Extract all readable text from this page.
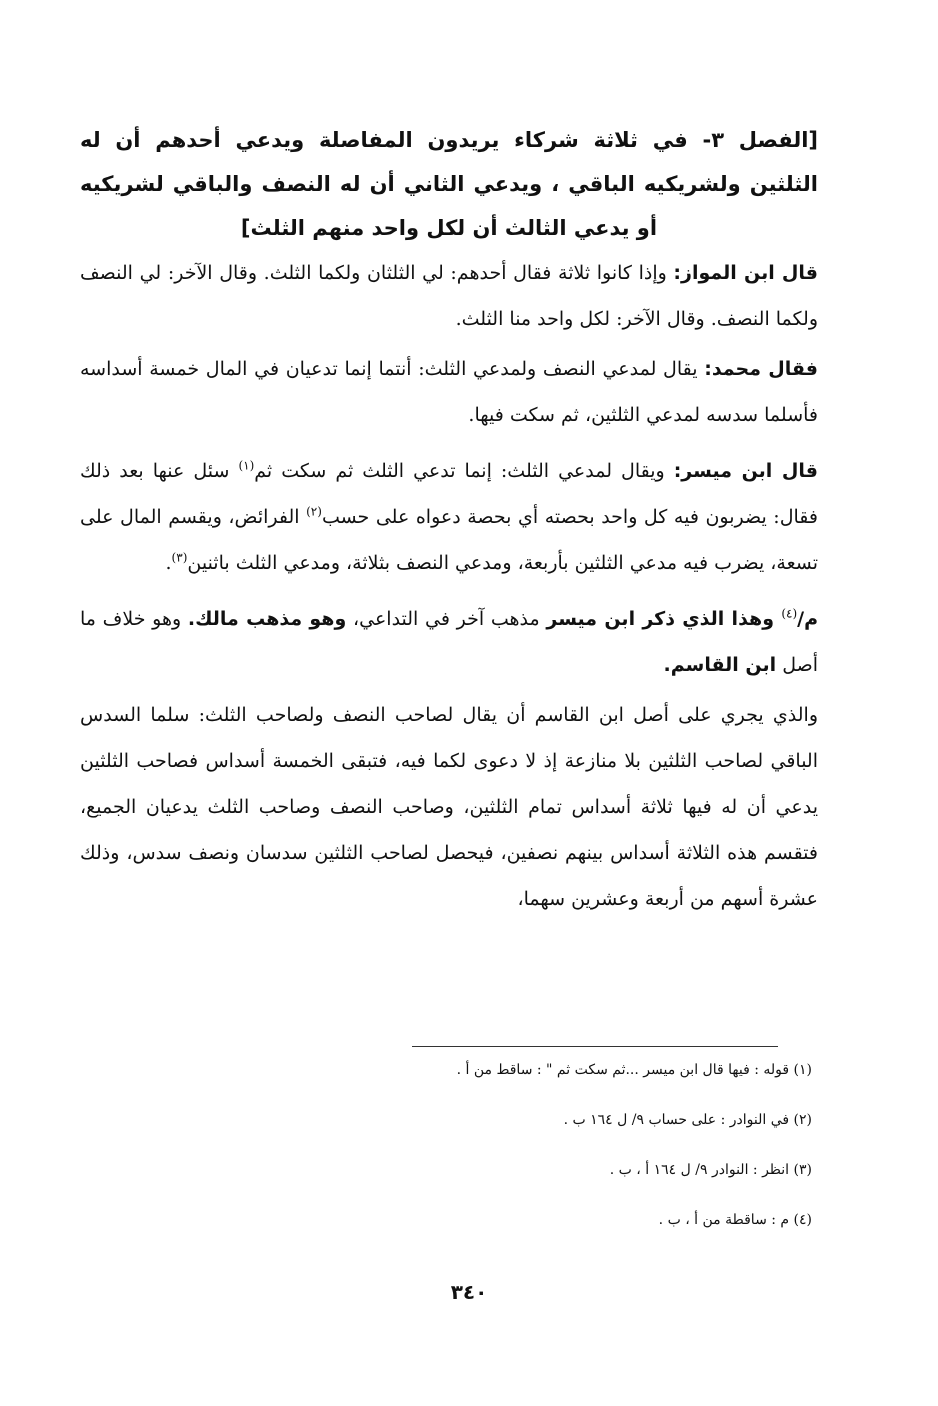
[الفصل ٣- في ثلاثة شركاء يريدون المفاصلة ويدعي أحدهم أن له الثلثين ولشريكيه الباقي ، ويدعي الثاني أن له النصف والباقي لشريكيه أو يدعي الثالث أن لكل واحد منهم الثلث]

قال ابن المواز: وإذا كانوا ثلاثة فقال أحدهم: لي الثلثان ولكما الثلث. وقال الآخر: لي النصف ولكما النصف. وقال الآخر: لكل واحد منا الثلث.

فقال محمد: يقال لمدعي النصف ولمدعي الثلث: أنتما إنما تدعيان في المال خمسة أسداسه فأسلما سدسه لمدعي الثلثين، ثم سكت فيها.

قال ابن ميسر: ويقال لمدعي الثلث: إنما تدعي الثلث ثم سكت ثم$^{(١)}$ سئل عنها بعد ذلك فقال: يضربون فيه كل واحد بحصته أي بحصة دعواه على حسب$^{(٢)}$ الفرائض، ويقسم المال على تسعة، يضرب فيه مدعي الثلثين بأربعة، ومدعي النصف بثلاثة، ومدعي الثلث باثنين$^{(٣)}$.

م/$^{(٤)}$ وهذا الذي ذكر ابن ميسر مذهب آخر في التداعي، وهو مذهب مالك. وهو خلاف ما أصل ابن القاسم.

والذي يجري على أصل ابن القاسم أن يقال لصاحب النصف ولصاحب الثلث: سلما السدس الباقي لصاحب الثلثين بلا منازعة إذ لا دعوى لكما فيه، فتبقى الخمسة أسداس فصاحب الثلثين يدعي أن له فيها ثلاثة أسداس تمام الثلثين، وصاحب النصف وصاحب الثلث يدعيان الجميع، فتقسم هذه الثلاثة أسداس بينهم نصفين، فيحصل لصاحب الثلثين سدسان ونصف سدس، وذلك عشرة أسهم من أربعة وعشرين سهما،

(١) قوله : فيها قال ابن ميسر ...ثم سكت ثم " : ساقط من أ .
(٢) في النوادر : على حساب ٩/ ل ١٦٤ ب .
(٣) انظر : النوادر ٩/ ل ١٦٤ أ ، ب .
(٤) م : ساقطة من أ ، ب .
٣٤٠
